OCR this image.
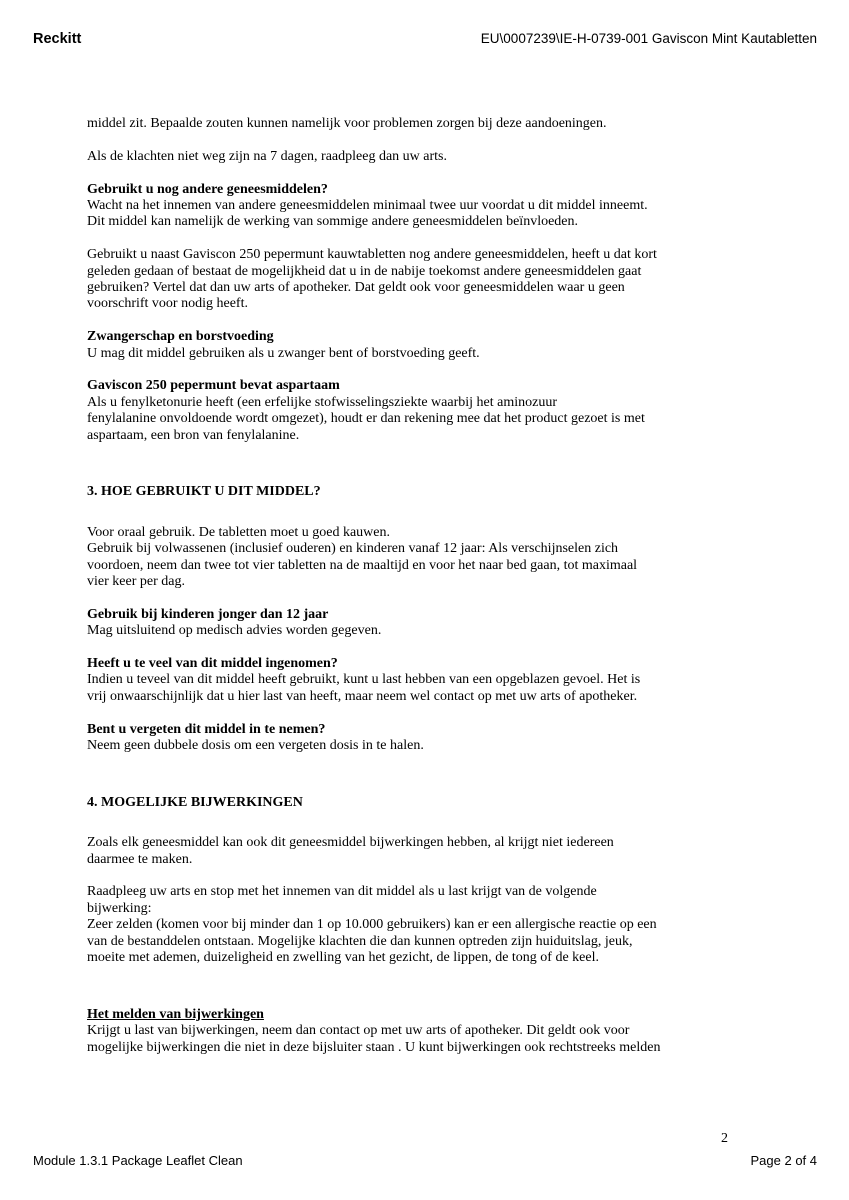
Reckitt	EU\0007239\IE-H-0739-001 Gaviscon Mint Kautabletten

middel zit. Bepaalde zouten kunnen namelijk voor problemen zorgen bij deze aandoeningen.

Als de klachten niet weg zijn na 7 dagen, raadpleeg dan uw arts.

Gebruikt u nog andere geneesmiddelen?

Wacht na het innemen van andere geneesmiddelen minimaal twee uur voordat u dit middel inneemt.

Dit middel kan namelijk de werking van sommige andere geneesmiddelen beïnvloeden.

Gebruikt u naast Gaviscon 250 pepermunt kauwtabletten nog andere geneesmiddelen, heeft u dat kort

geleden gedaan of bestaat de mogelijkheid dat u in de nabije toekomst andere geneesmiddelen gaat

gebruiken? Vertel dat dan uw arts of apotheker. Dat geldt ook voor geneesmiddelen waar u geen

voorschrift voor nodig heeft.

Zwangerschap en borstvoeding

U mag dit middel gebruiken als u zwanger bent of borstvoeding geeft.

Gaviscon 250 pepermunt bevat aspartaam

Als u fenylketonurie heeft (een erfelijke stofwisselingsziekte waarbij het aminozuur

fenylalanine onvoldoende wordt omgezet), houdt er dan rekening mee dat het product gezoet is met

aspartaam, een bron van fenylalanine.

3. HOE GEBRUIKT U DIT MIDDEL?

Voor oraal gebruik. De tabletten moet u goed kauwen.

Gebruik bij volwassenen (inclusief ouderen) en kinderen vanaf 12 jaar: Als verschijnselen zich

voordoen, neem dan twee tot vier tabletten na de maaltijd en voor het naar bed gaan, tot maximaal

vier keer per dag.

Gebruik bij kinderen jonger dan 12 jaar

Mag uitsluitend op medisch advies worden gegeven.

Heeft u te veel van dit middel ingenomen?

Indien u teveel van dit middel heeft gebruikt, kunt u last hebben van een opgeblazen gevoel. Het is

vrij onwaarschijnlijk dat u hier last van heeft, maar neem wel contact op met uw arts of apotheker.

Bent u vergeten dit middel in te nemen?

Neem geen dubbele dosis om een vergeten dosis in te halen.

4. MOGELIJKE BIJWERKINGEN

Zoals elk geneesmiddel kan ook dit geneesmiddel bijwerkingen hebben, al krijgt niet iedereen

daarmee te maken.

Raadpleeg uw arts en stop met het innemen van dit middel als u last krijgt van de volgende

bijwerking:

Zeer zelden (komen voor bij minder dan 1 op 10.000 gebruikers) kan er een allergische reactie op een

van de bestanddelen ontstaan. Mogelijke klachten die dan kunnen optreden zijn huiduitslag, jeuk,

moeite met ademen, duizeligheid en zwelling van het gezicht, de lippen, de tong of de keel.

Het melden van bijwerkingen

Krijgt u last van bijwerkingen, neem dan contact op met uw arts of apotheker. Dit geldt ook voor

mogelijke bijwerkingen die niet in deze bijsluiter staan . U kunt bijwerkingen ook rechtstreeks melden

2
Module 1.3.1 Package Leaflet Clean	Page 2 of 4
